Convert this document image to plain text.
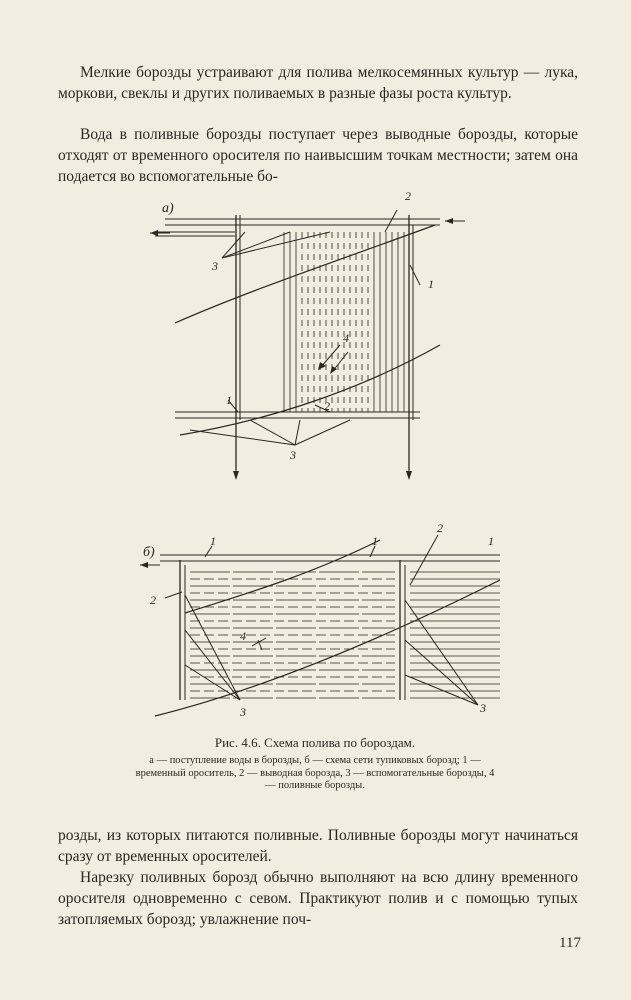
Мелкие борозды устраивают для полива мелкосемянных культур — лука, моркови, свеклы и других поливаемых в разные фазы роста культур.

Вода в поливные борозды поступает через выводные борозды, которые отходят от временного оросителя по наивысшим точкам местности; затем она подается во вспомогательные бо-

а)
2
1
3
4
1	2
3
б)
1	1	1
2
2
4
3	3

Рис. 4.6. Схема полива по бороздам.

а — поступление воды в борозды, б — схема сети тупиковых борозд; 1 — временный ороситель, 2 — выводная борозда, 3 — вспомогательные борозды, 4 — поливные борозды.

розды, из которых питаются поливные. Поливные борозды могут начинаться сразу от временных оросителей.

Нарезку поливных борозд обычно выполняют на всю длину временного оросителя одновременно с севом. Практикуют полив и с помощью тупых затопляемых борозд; увлажнение поч-

117
